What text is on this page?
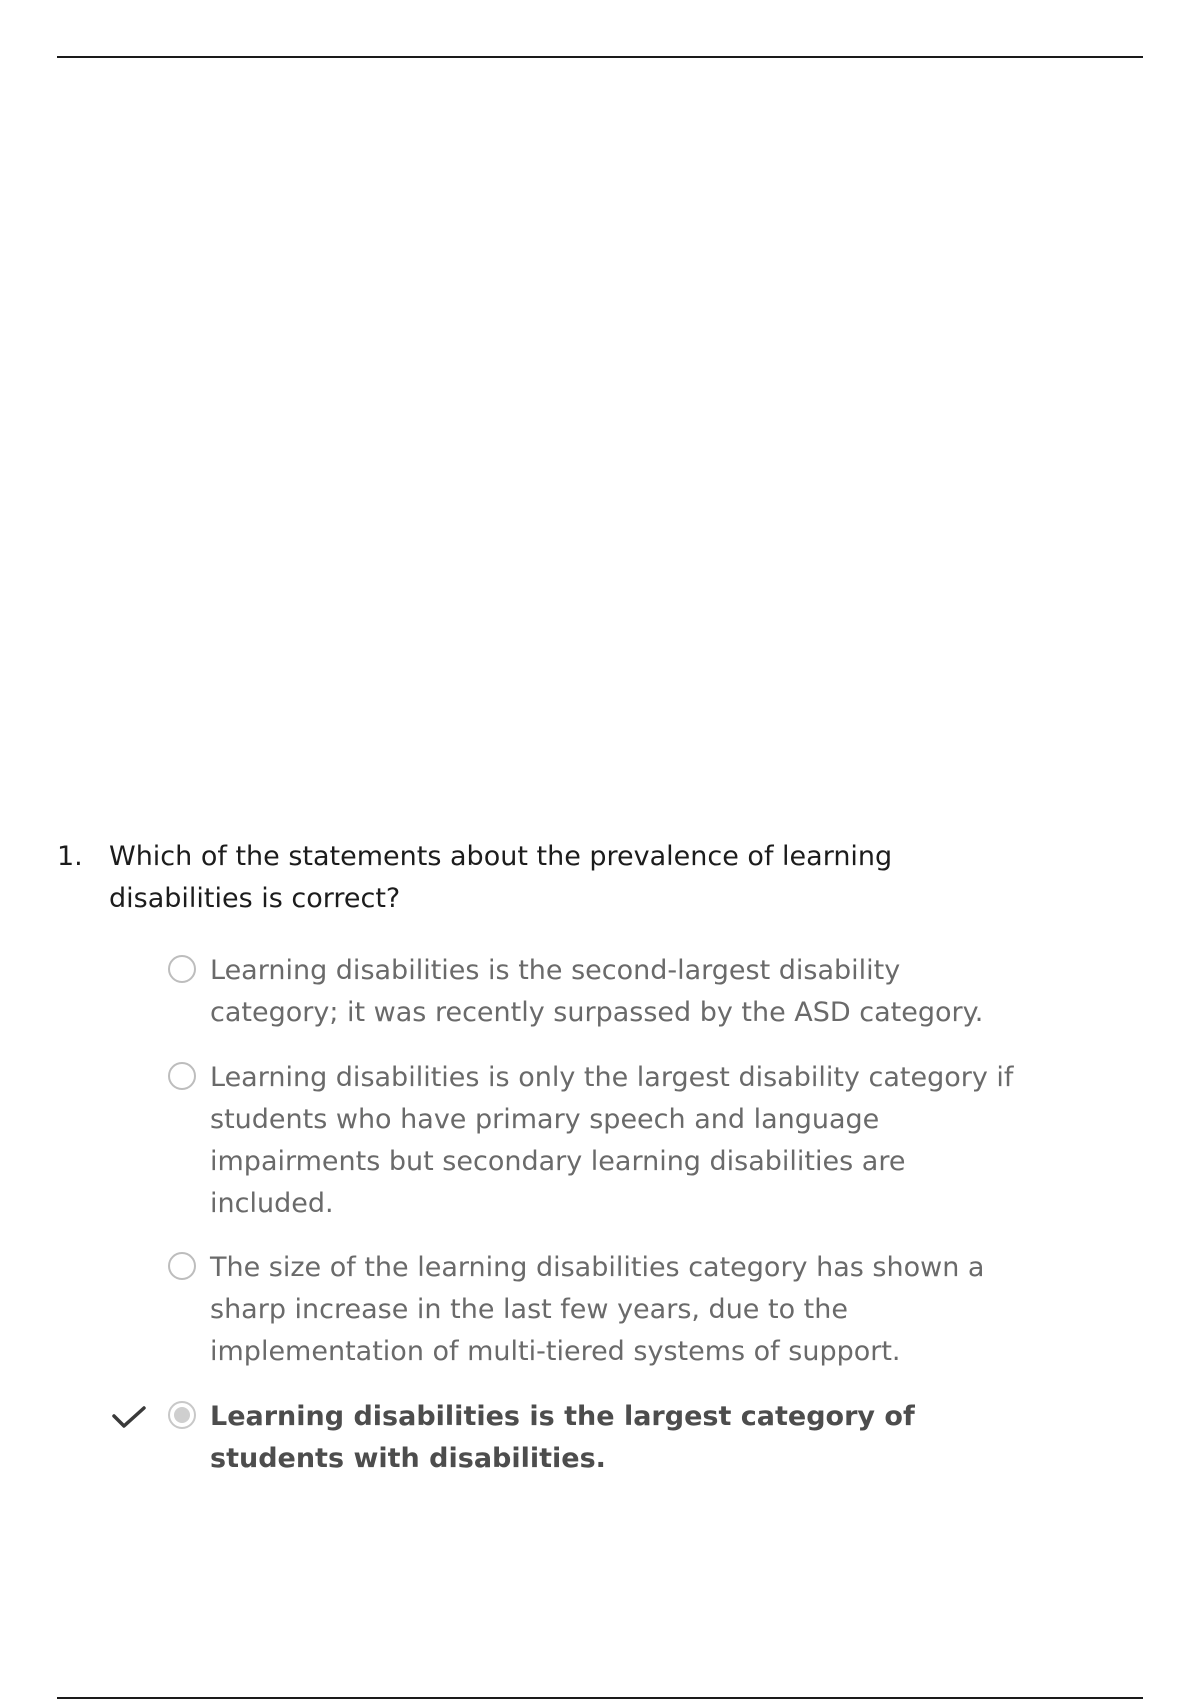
1. Which of the statements about the prevalence of learning disabilities is correct?
Learning disabilities is the second-largest disability category; it was recently surpassed by the ASD category.
Learning disabilities is only the largest disability category if students who have primary speech and language impairments but secondary learning disabilities are included.
The size of the learning disabilities category has shown a sharp increase in the last few years, due to the implementation of multi-tiered systems of support.
Learning disabilities is the largest category of students with disabilities.
